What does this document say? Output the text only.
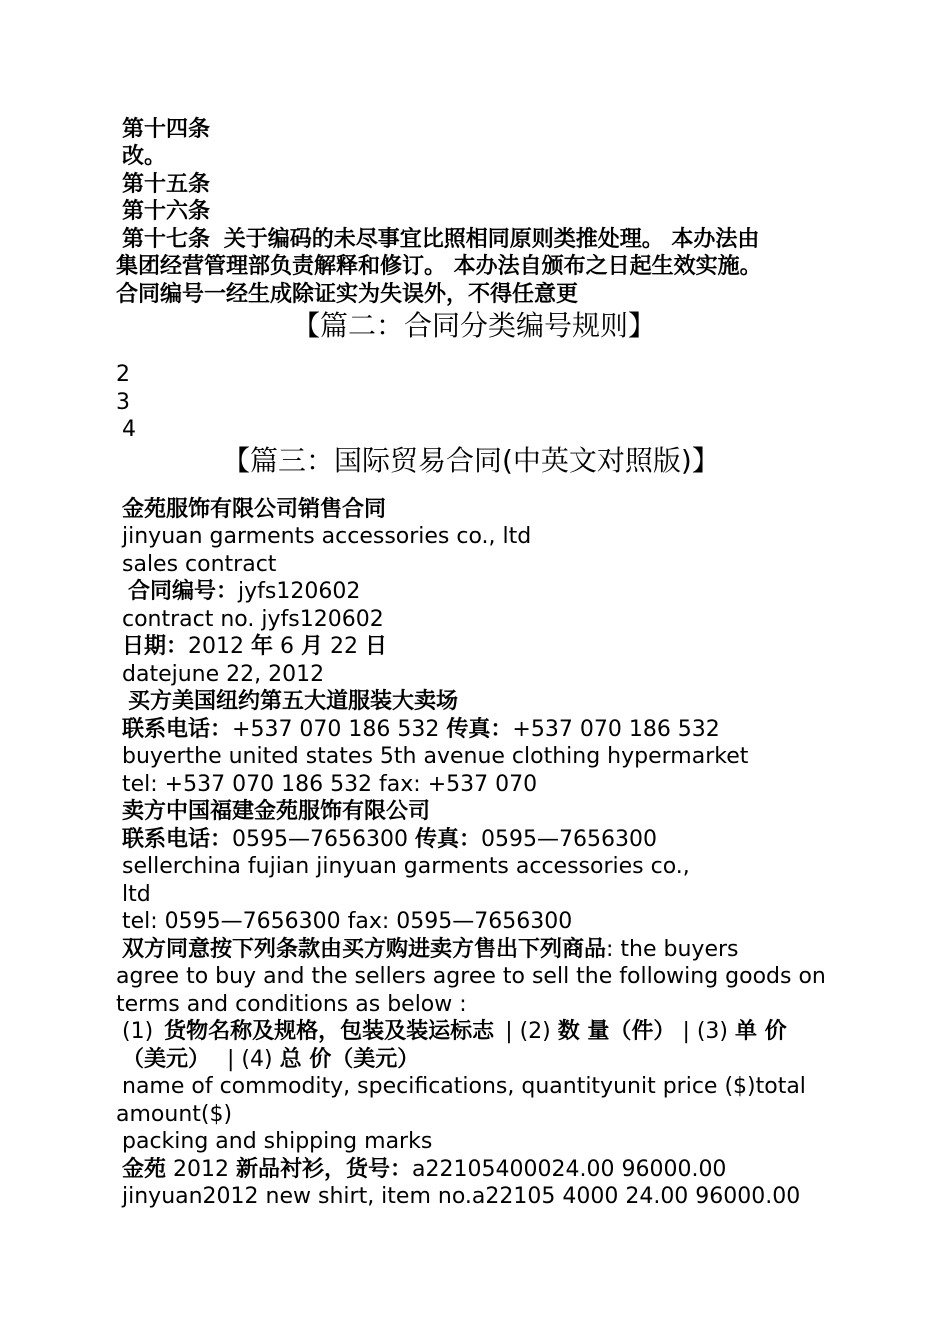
第十四条
改。
第十五条
第十六条
第十七条 关于编码的未尽事宜比照相同原则类推处理。 本办法由
集团经营管理部负责解释和修订。 本办法自颁布之日起生效实施。
合同编号一经生成除证实为失误外，不得任意更
【篇二：合同分类编号规则】
2
3
4
【篇三：国际贸易合同(中英文对照版)】
金苑服饰有限公司销售合同
jinyuan garments accessories co., ltd
sales contract
合同编号：jyfs120602
contract no. jyfs120602
日期：2012 年 6 月 22 日
datejune 22, 2012
买方美国纽约第五大道服装大卖场
联系电话：+537 070 186 532 传真：+537 070 186 532
buyerthe united states 5th avenue clothing hypermarket
tel: +537 070 186 532 fax: +537 070
卖方中国福建金苑服饰有限公司
联系电话：0595—7656300 传真：0595—7656300
sellerchina fujian jinyuan garments accessories co.,
ltd
tel: 0595—7656300 fax: 0595—7656300
双方同意按下列条款由买方购进卖方售出下列商品: the buyers
agree to buy and the sellers agree to sell the following goods on
terms and conditions as below :
(1) 货物名称及规格，包装及装运标志 | (2) 数 量（件） | (3) 单 价
（美元） | (4) 总 价（美元）
name of commodity, specifications, quantityunit price ($)total
amount($)
packing and shipping marks
金苑 2012 新品衬衫，货号：a22105400024.00 96000.00
jinyuan2012 new shirt, item no.a22105 4000 24.00 96000.00
